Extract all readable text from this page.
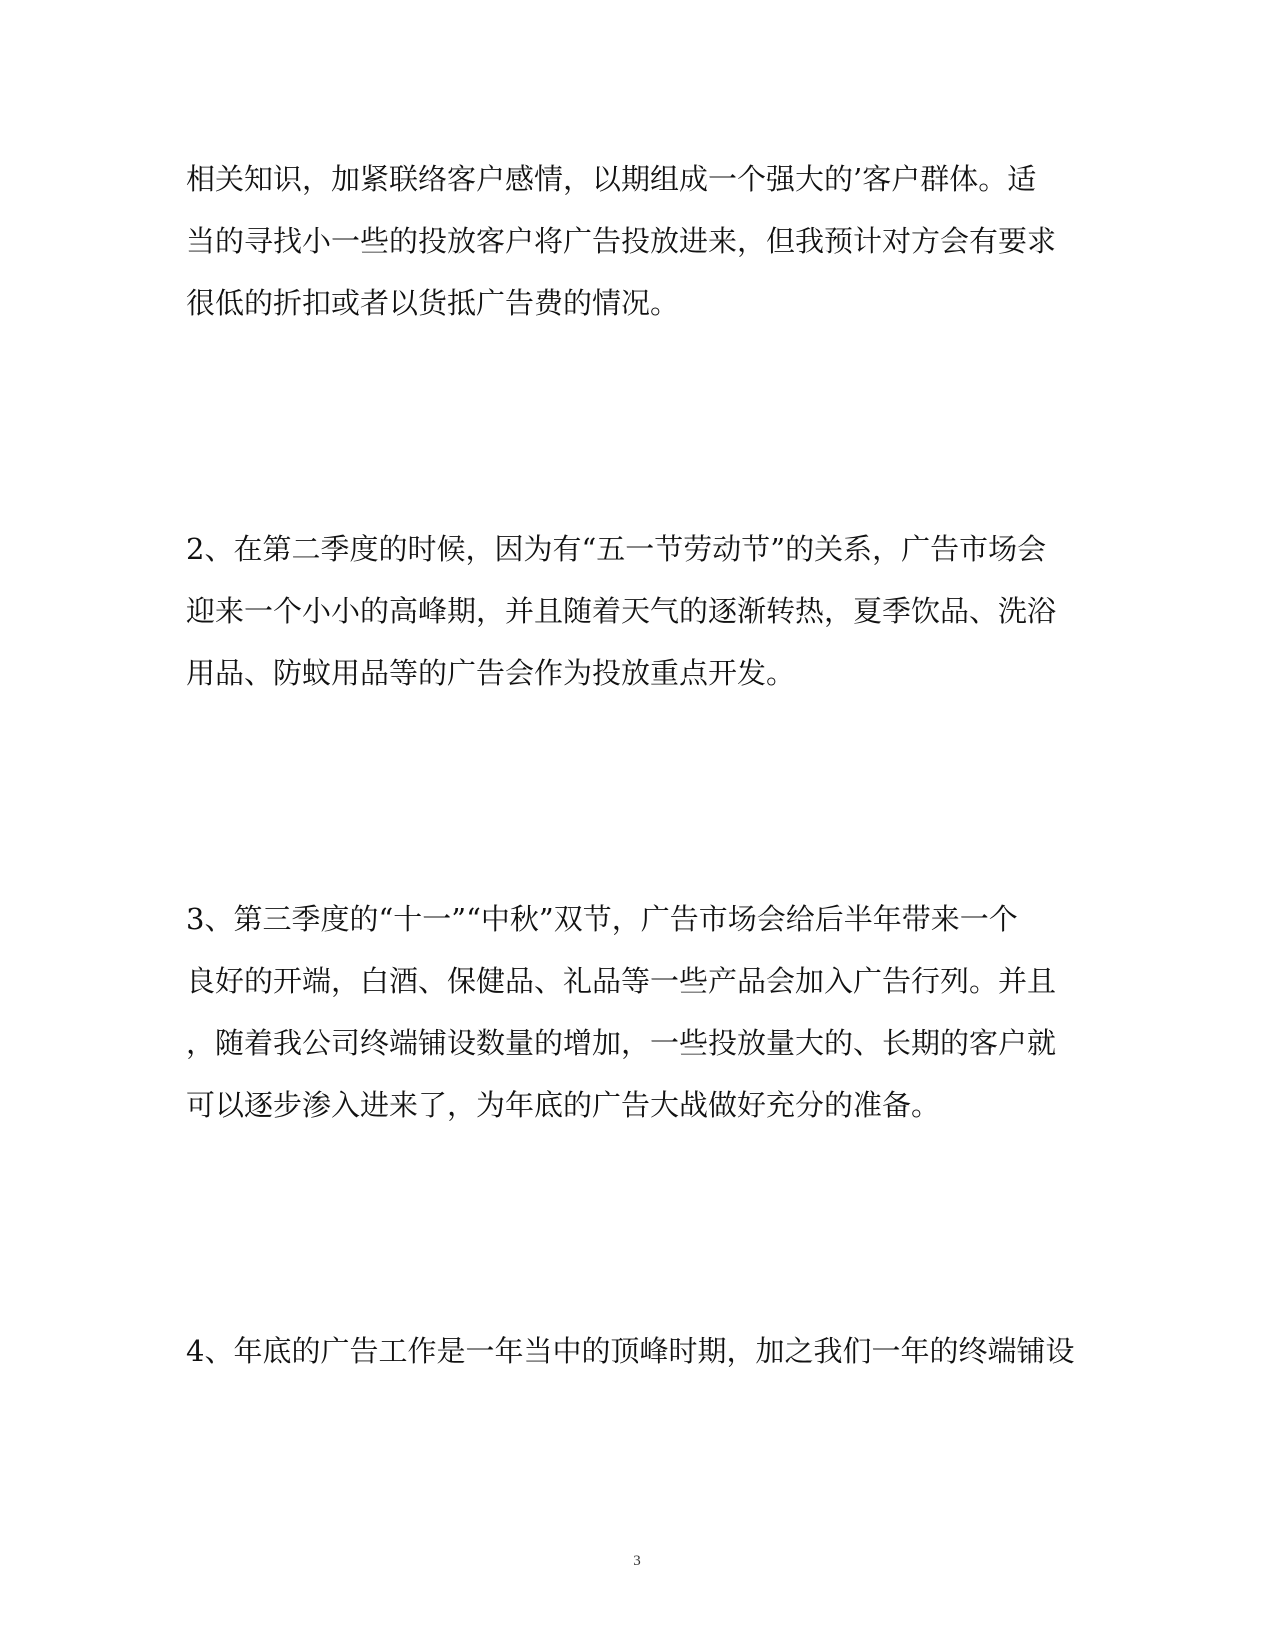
相关知识，加紧联络客户感情，以期组成一个强大的’客户群体。适

当的寻找小一些的投放客户将广告投放进来，但我预计对方会有要求

很低的折扣或者以货抵广告费的情况。

2、在第二季度的时候，因为有“五一节劳动节”的关系，广告市场会

迎来一个小小的高峰期，并且随着天气的逐渐转热，夏季饮品、洗浴

用品、防蚊用品等的广告会作为投放重点开发。

3、第三季度的“十一”“中秋”双节，广告市场会给后半年带来一个

良好的开端，白酒、保健品、礼品等一些产品会加入广告行列。并且

，随着我公司终端铺设数量的增加，一些投放量大的、长期的客户就

可以逐步渗入进来了，为年底的广告大战做好充分的准备。

4、年底的广告工作是一年当中的顶峰时期，加之我们一年的终端铺设

3
